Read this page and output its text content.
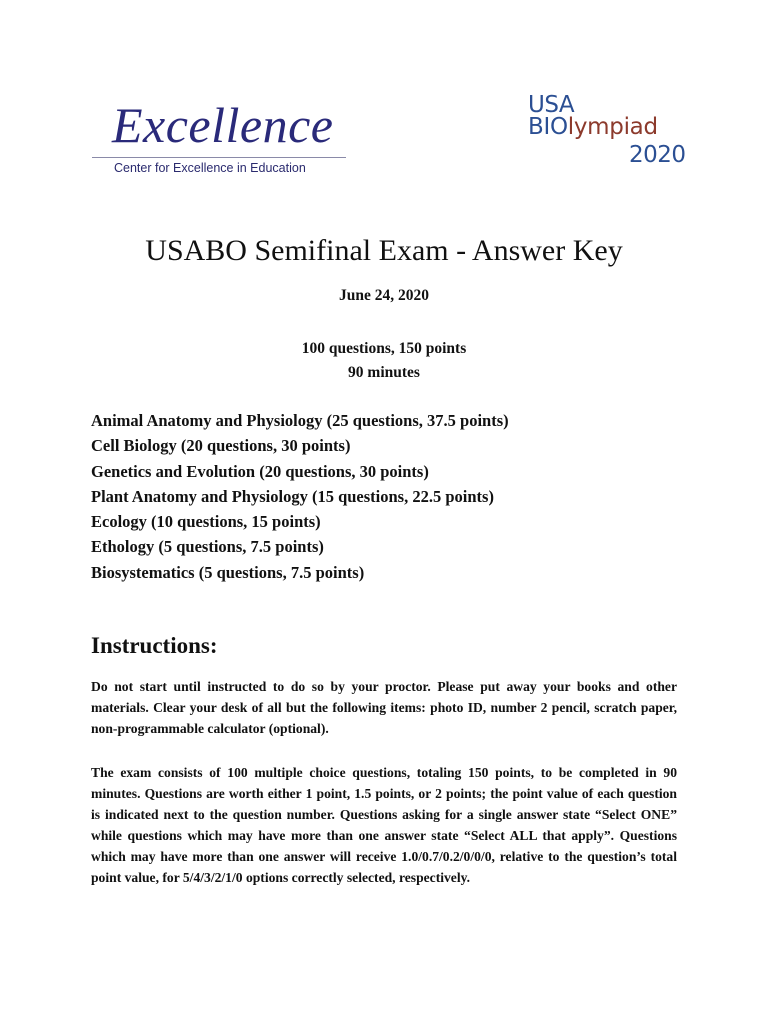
Excellence
Center for Excellence in Education
USA
BIOlympiad
2020
USABO Semifinal Exam - Answer Key
June 24, 2020
100 questions, 150 points
90 minutes
Animal Anatomy and Physiology (25 questions, 37.5 points)
Cell Biology (20 questions, 30 points)
Genetics and Evolution (20 questions, 30 points)
Plant Anatomy and Physiology (15 questions, 22.5 points)
Ecology (10 questions, 15 points)
Ethology (5 questions, 7.5 points)
Biosystematics (5 questions, 7.5 points)
Instructions:

Do not start until instructed to do so by your proctor. Please put away your books and other materials. Clear your desk of all but the following items: photo ID, number 2 pencil, scratch paper, non-programmable calculator (optional).

The exam consists of 100 multiple choice questions, totaling 150 points, to be completed in 90 minutes. Questions are worth either 1 point, 1.5 points, or 2 points; the point value of each question is indicated next to the question number. Questions asking for a single answer state “Select ONE” while questions which may have more than one answer state “Select ALL that apply”. Questions which may have more than one answer will receive 1.0/0.7/0.2/0/0/0, relative to the question’s total point value, for 5/4/3/2/1/0 options correctly selected, respectively.
